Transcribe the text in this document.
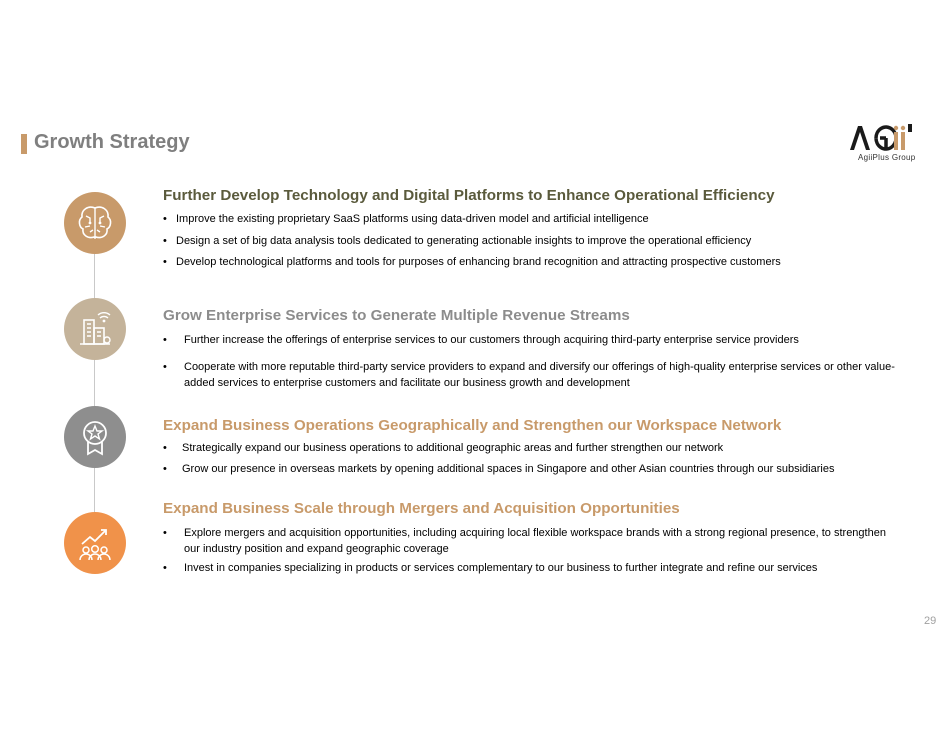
Growth Strategy
AgiiPlus Group
Further Develop Technology and Digital Platforms to Enhance Operational Efficiency
• Improve the existing proprietary SaaS platforms using data-driven model and artificial intelligence
• Design a set of big data analysis tools dedicated to generating actionable insights to improve the operational efficiency
• Develop technological platforms and tools for purposes of enhancing brand recognition and attracting prospective customers
Grow Enterprise Services to Generate Multiple Revenue Streams
•	Further increase the offerings of enterprise services to our customers through acquiring third-party enterprise service providers
•	Cooperate with more reputable third-party service providers to expand and diversify our offerings of high-quality enterprise services or other value-added services to enterprise customers and facilitate our business growth and development
Expand Business Operations Geographically and Strengthen our Workspace Network
•	Strategically expand our business operations to additional geographic areas and further strengthen our network
•	Grow our presence in overseas markets by opening additional spaces in Singapore and other Asian countries through our subsidiaries
Expand Business Scale through Mergers and Acquisition Opportunities
•	Explore mergers and acquisition opportunities, including acquiring local flexible workspace brands with a strong regional presence, to strengthen our industry position and expand geographic coverage
•	Invest in companies specializing in products or services complementary to our business to further integrate and refine our services
29
